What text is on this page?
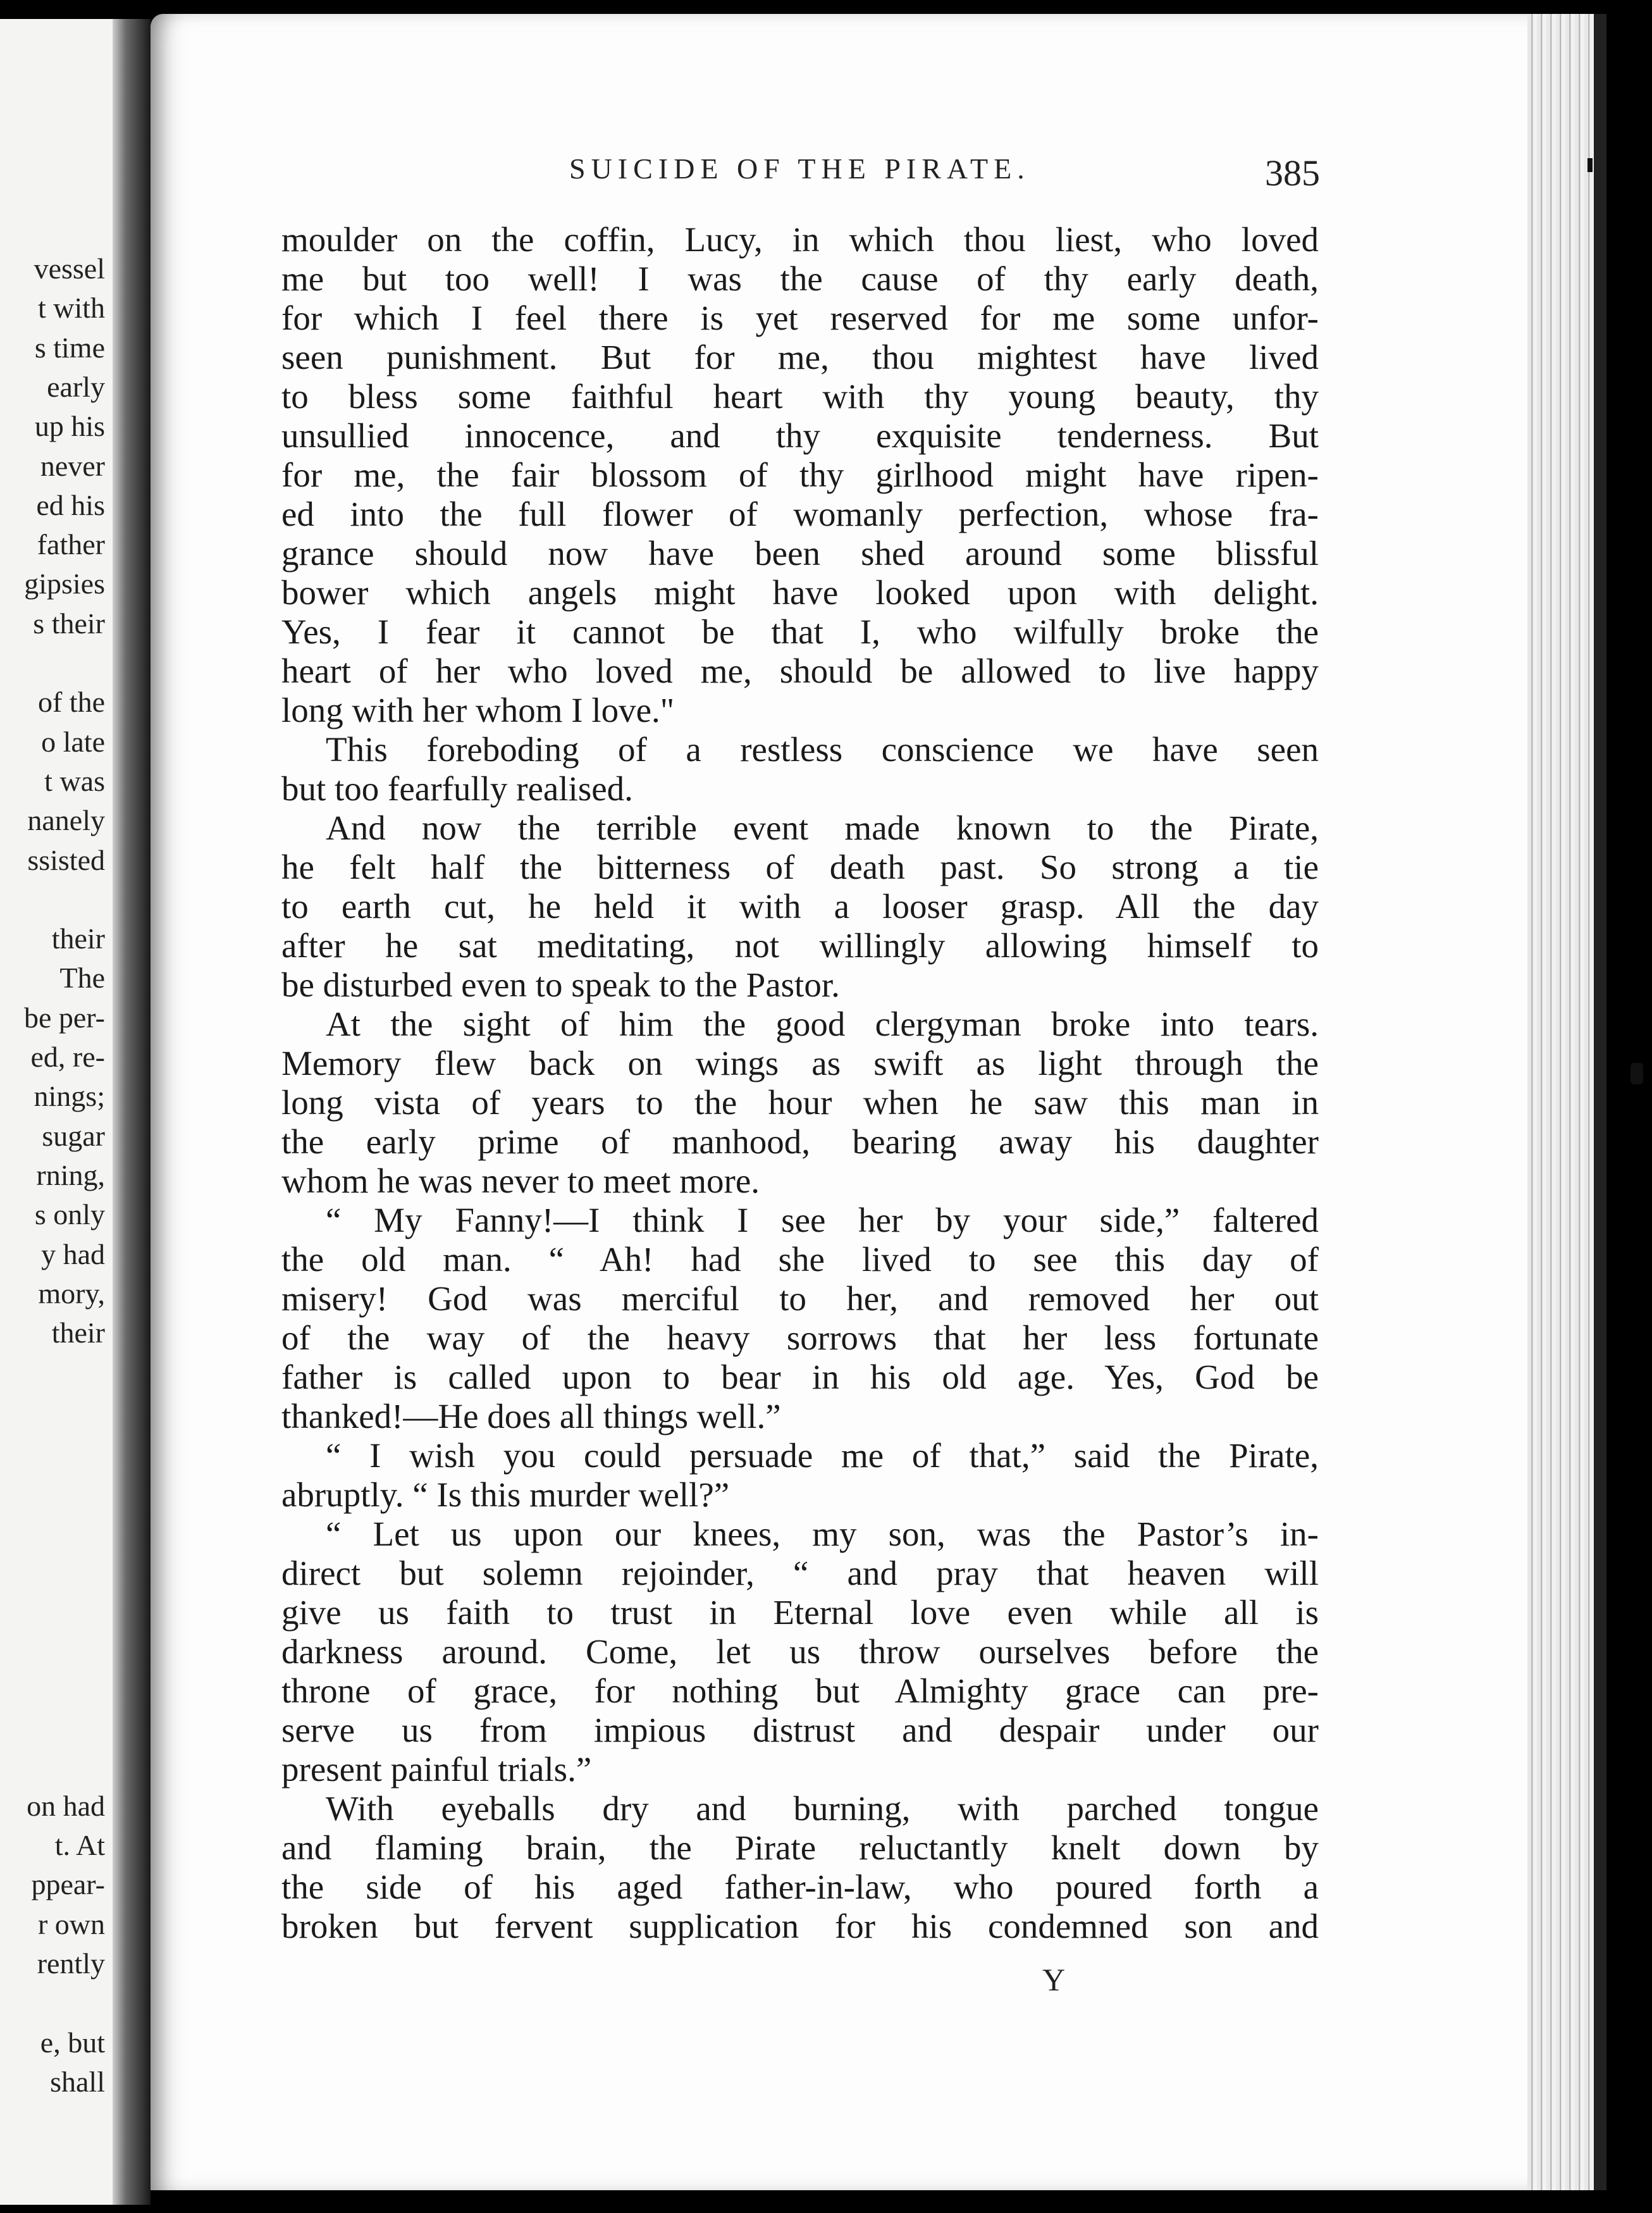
vessel
t with
s time
early
up his
never
ed his
father
gipsies
s their
of the
o late
t was
nanely
ssisted
their
The
be per-
ed, re-
nings;
sugar
rning,
s only
y had
mory,
their
on had
t. At
ppear-
r own
rently
e, but
shall
SUICIDE OF THE PIRATE.	385
moulder on the coffin, Lucy, in which thou liest, who loved
me but too well! I was the cause of thy early death,
for which I feel there is yet reserved for me some unfor-
seen punishment. But for me, thou mightest have lived
to bless some faithful heart with thy young beauty, thy
unsullied innocence, and thy exquisite tenderness. But
for me, the fair blossom of thy girlhood might have ripen-
ed into the full flower of womanly perfection, whose fra-
grance should now have been shed around some blissful
bower which angels might have looked upon with delight.
Yes, I fear it cannot be that I, who wilfully broke the
heart of her who loved me, should be allowed to live happy
long with her whom I love."
This foreboding of a restless conscience we have seen
but too fearfully realised.
And now the terrible event made known to the Pirate,
he felt half the bitterness of death past. So strong a tie
to earth cut, he held it with a looser grasp. All the day
after he sat meditating, not willingly allowing himself to
be disturbed even to speak to the Pastor.
At the sight of him the good clergyman broke into tears.
Memory flew back on wings as swift as light through the
long vista of years to the hour when he saw this man in
the early prime of manhood, bearing away his daughter
whom he was never to meet more.
“ My Fanny!—I think I see her by your side,” faltered
the old man. “ Ah! had she lived to see this day of
misery! God was merciful to her, and removed her out
of the way of the heavy sorrows that her less fortunate
father is called upon to bear in his old age. Yes, God be
thanked!—He does all things well.”
“ I wish you could persuade me of that,” said the Pirate,
abruptly. “ Is this murder well?”
“ Let us upon our knees, my son, was the Pastor’s in-
direct but solemn rejoinder, “ and pray that heaven will
give us faith to trust in Eternal love even while all is
darkness around. Come, let us throw ourselves before the
throne of grace, for nothing but Almighty grace can pre-
serve us from impious distrust and despair under our
present painful trials.”
With eyeballs dry and burning, with parched tongue
and flaming brain, the Pirate reluctantly knelt down by
the side of his aged father-in-law, who poured forth a
broken but fervent supplication for his condemned son and
Y
